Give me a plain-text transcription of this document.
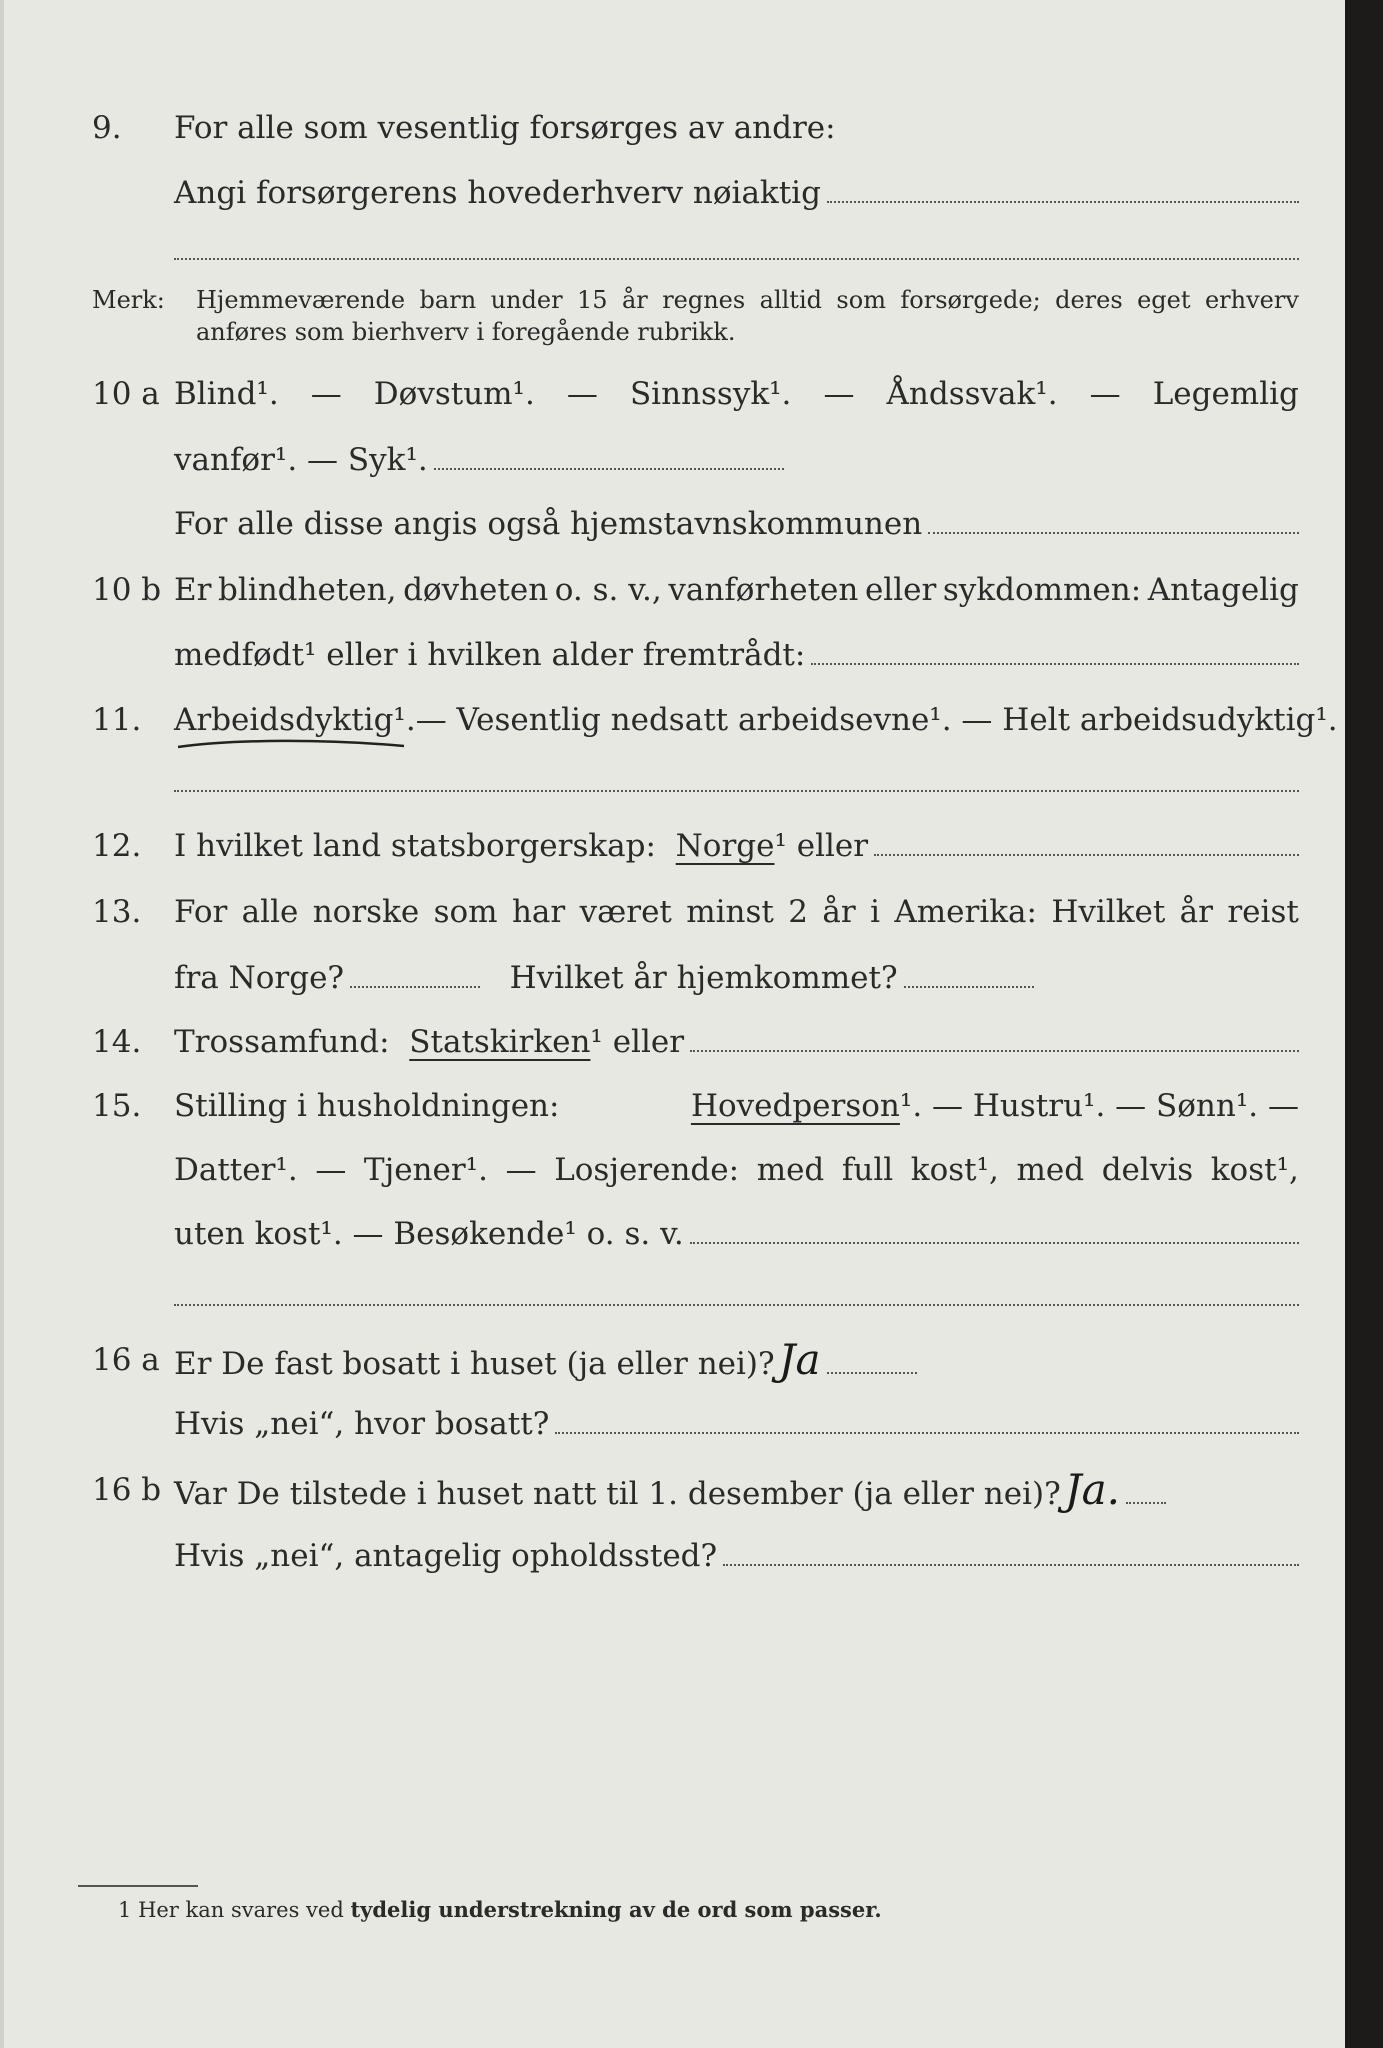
9. For alle som vesentlig forsørges av andre:
Angi forsørgerens hovederhverv nøiaktig
Merk: Hjemmeværende barn under 15 år regnes alltid som forsørgede; deres eget erhverv
anføres som bierhverv i foregående rubrikk.
10 a Blind¹. — Døvstum¹. — Sinnssyk¹. — Åndssvak¹. — Legemlig
vanfør¹. — Syk¹.
For alle disse angis også hjemstavnskommunen
10 b Er blindheten, døvheten o. s. v., vanførheten eller sykdommen: Antagelig
medfødt¹ eller i hvilken alder fremtrådt:
11. Arbeidsdyktig¹. — Vesentlig nedsatt arbeidsevne¹. — Helt arbeidsudyktig¹.
12. I hvilket land statsborgerskap:
Norge ¹ eller
13. For alle norske som har været minst 2 år i Amerika: Hvilket år reist
fra Norge?
	Hvilket år hjemkommet?
14. Trossamfund:
Statskirken ¹ eller
15. Stilling i husholdningen:	Hovedperson¹. — Hustru¹. — Sønn¹. —
Datter¹. — Tjener¹. — Losjerende: med full kost¹, med delvis kost¹,
uten kost¹. — Besøkende¹ o. s. v.
16 a Er De fast bosatt i huset (ja eller nei)? Ja
Hvis „nei“, hvor bosatt?
16 b Var De tilstede i huset natt til 1. desember (ja eller nei)? Ja.
Hvis „nei“, antagelig opholdssted?
1 Her kan svares ved tydelig understrekning av de ord som passer.
